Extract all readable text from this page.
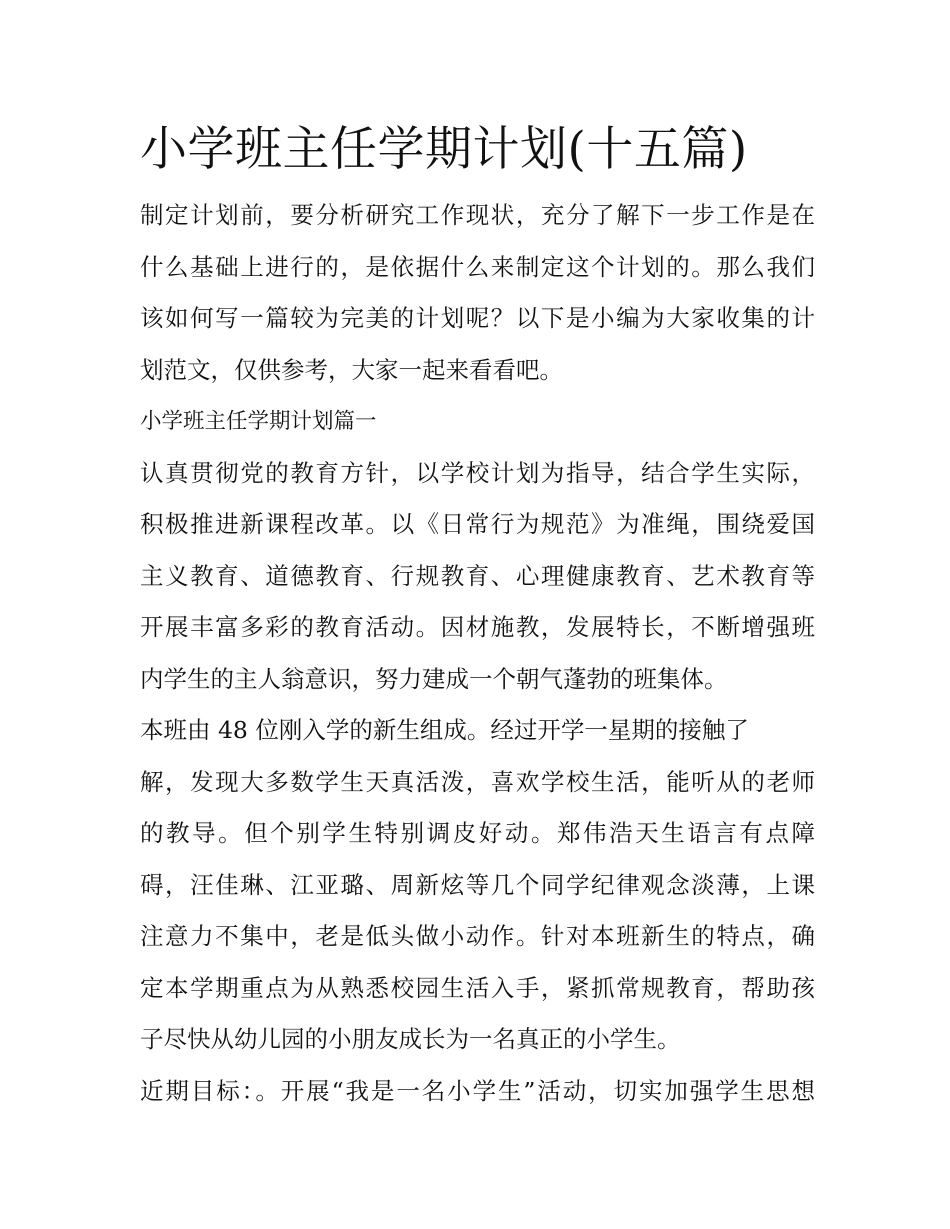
小学班主任学期计划(十五篇)
制定计划前，要分析研究工作现状，充分了解下一步工作是在
什么基础上进行的，是依据什么来制定这个计划的。那么我们
该如何写一篇较为完美的计划呢？以下是小编为大家收集的计
划范文，仅供参考，大家一起来看看吧。
小学班主任学期计划篇一
认真贯彻党的教育方针，以学校计划为指导，结合学生实际，
积极推进新课程改革。以《日常行为规范》为准绳，围绕爱国
主义教育、道德教育、行规教育、心理健康教育、艺术教育等
开展丰富多彩的教育活动。因材施教，发展特长，不断增强班
内学生的主人翁意识，努力建成一个朝气蓬勃的班集体。
本班由 48 位刚入学的新生组成。经过开学一星期的接触了
解，发现大多数学生天真活泼，喜欢学校生活，能听从的老师
的教导。但个别学生特别调皮好动。郑伟浩天生语言有点障
碍，汪佳琳、江亚璐、周新炫等几个同学纪律观念淡薄，上课
注意力不集中，老是低头做小动作。针对本班新生的特点，确
定本学期重点为从熟悉校园生活入手，紧抓常规教育，帮助孩
子尽快从幼儿园的小朋友成长为一名真正的小学生。
近期目标：。开展“我是一名小学生”活动，切实加强学生思想
